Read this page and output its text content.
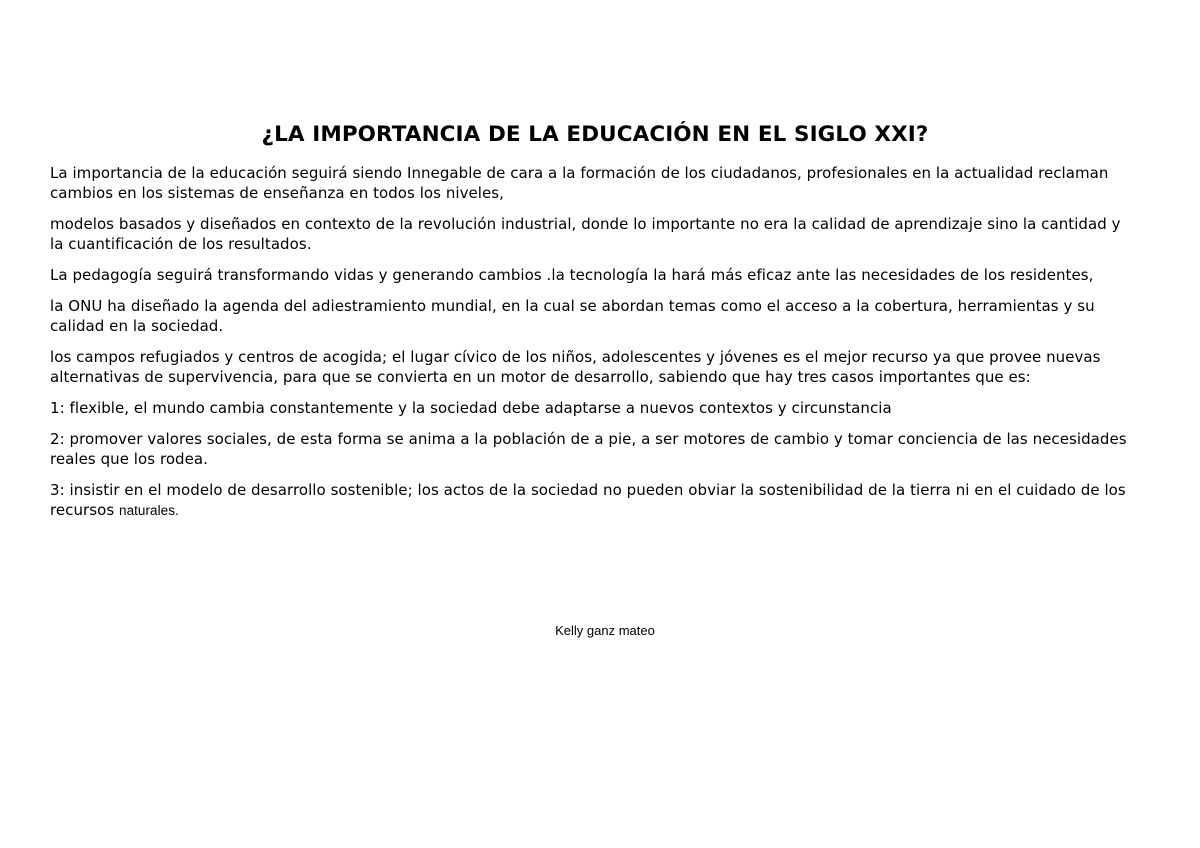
¿LA IMPORTANCIA DE LA EDUCACIÓN EN EL SIGLO XXI?

La importancia de la educación seguirá siendo Innegable de cara a la formación de los ciudadanos, profesionales en la actualidad reclaman cambios en los sistemas de enseñanza en todos los niveles,

modelos basados y diseñados en contexto de la revolución industrial, donde lo importante no era la calidad de aprendizaje sino la cantidad y la cuantificación de los resultados.

La pedagogía seguirá transformando vidas y generando cambios .la tecnología la hará más eficaz ante las necesidades de los residentes,

la ONU ha diseñado la agenda del adiestramiento mundial, en la cual se abordan temas como el acceso a la cobertura, herramientas y su calidad en la sociedad.

los campos refugiados y centros de acogida; el lugar cívico de los niños, adolescentes y jóvenes es el mejor recurso ya que provee nuevas alternativas de supervivencia, para que se convierta en un motor de desarrollo, sabiendo que hay tres casos importantes que es:

1: flexible, el mundo cambia constantemente y la sociedad debe adaptarse a nuevos contextos y circunstancia

2: promover valores sociales, de esta forma se anima a la población de a pie, a ser motores de cambio y tomar conciencia de las necesidades reales que los rodea.

3: insistir en el modelo de desarrollo sostenible; los actos de la sociedad no pueden obviar la sostenibilidad de la tierra ni en el cuidado de los recursos naturales.

Kelly ganz mateo
